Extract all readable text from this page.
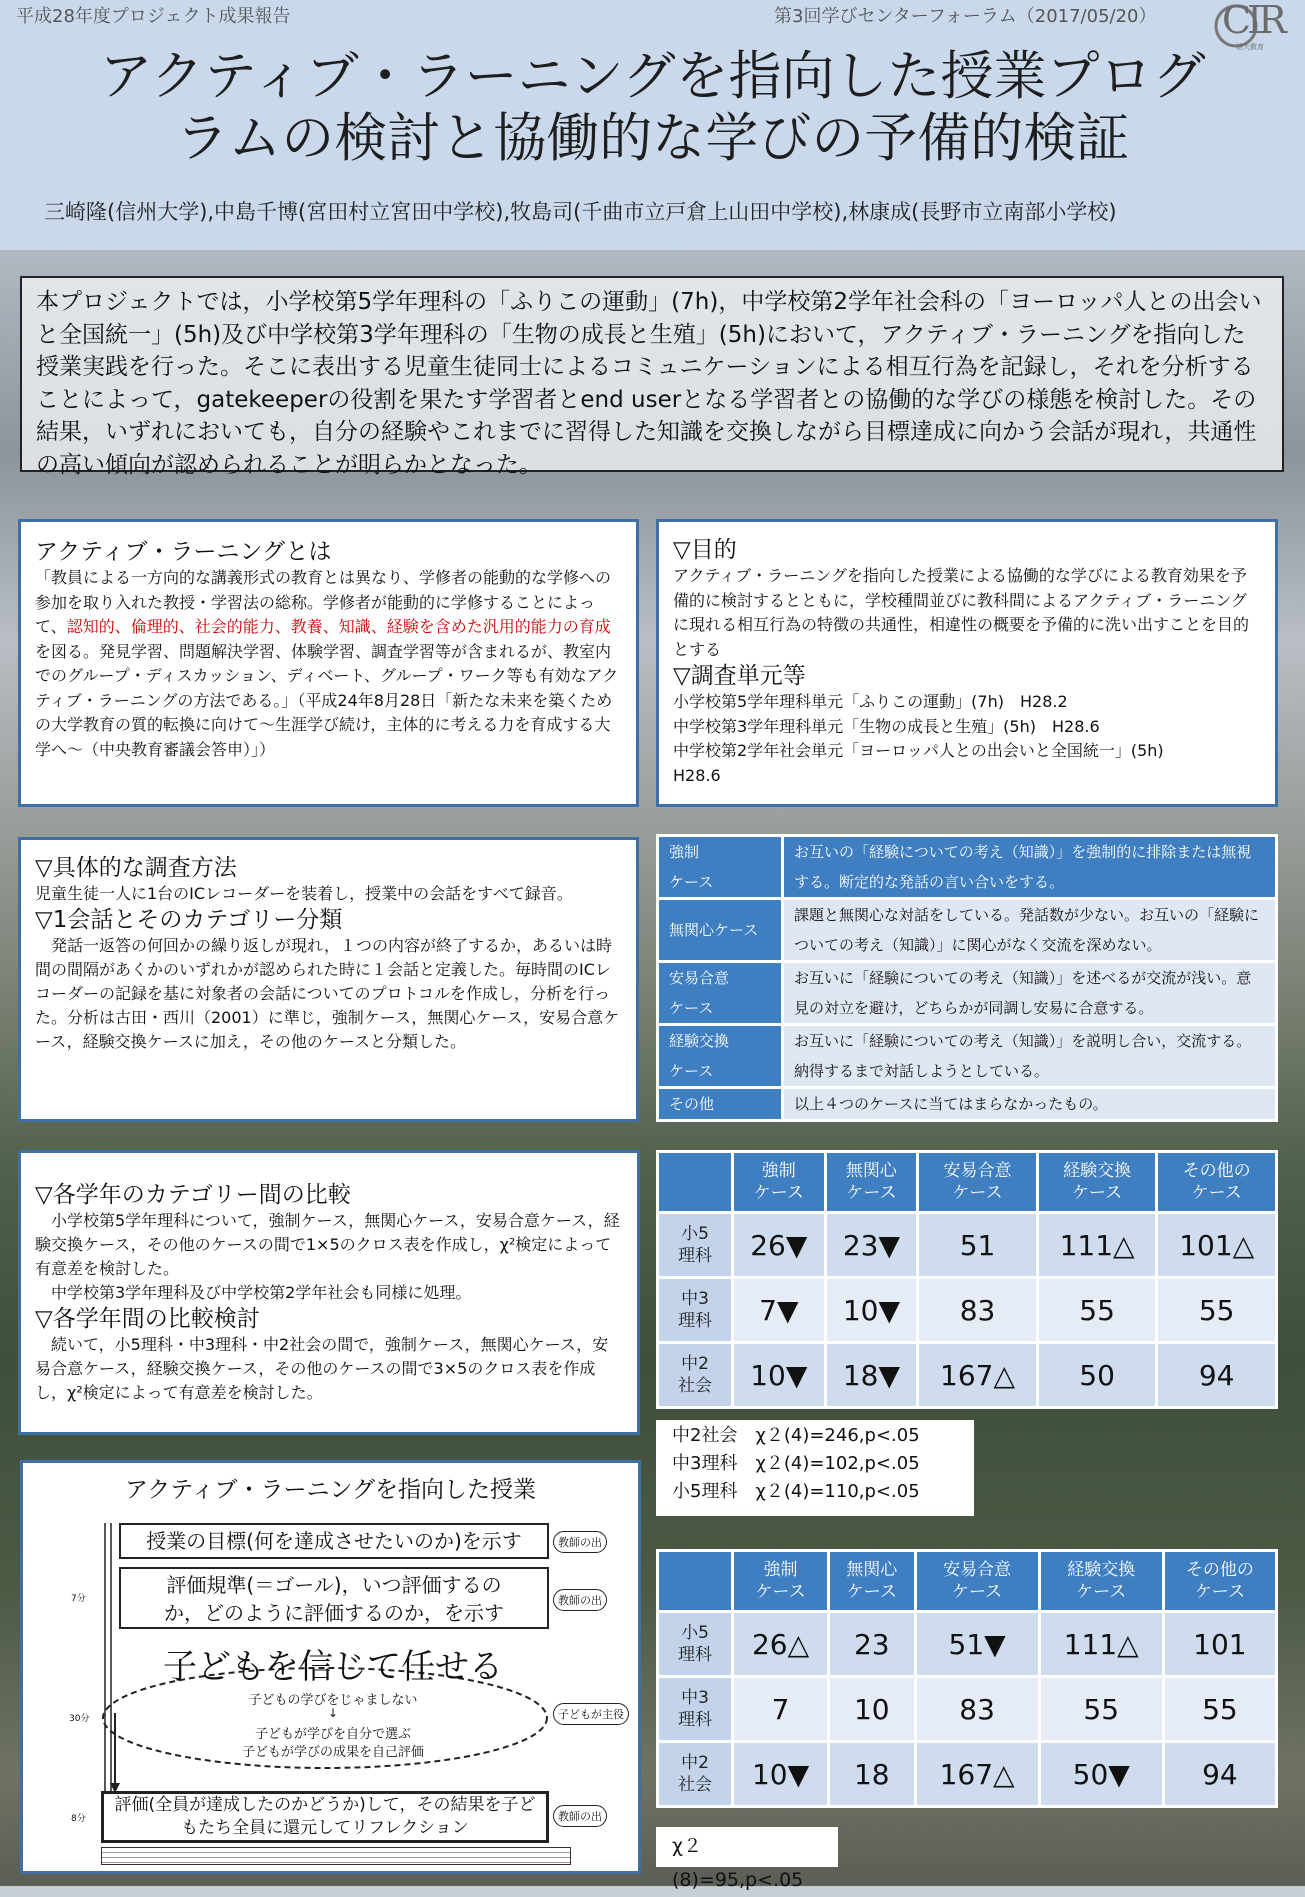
平成28年度プロジェクト成果報告	第3回学びセンターフォーラム（2017/05/20） CIR
信大教育
アクティブ・ラーニングを指向した授業プログ
ラムの検討と協働的な学びの予備的検証
三崎隆(信州大学),中島千博(宮田村立宮田中学校),牧島司(千曲市立戸倉上山田中学校),林康成(長野市立南部小学校)
本プロジェクトでは，小学校第5学年理科の「ふりこの運動」(7h)，中学校第2学年社会科の「ヨーロッパ人との出会いと全国統一」(5h)及び中学校第3学年理科の「生物の成長と生殖」(5h)において，アクティブ・ラーニングを指向した授業実践を行った。そこに表出する児童生徒同士によるコミュニケーションによる相互行為を記録し，それを分析することによって，gatekeeperの役割を果たす学習者とend userとなる学習者との協働的な学びの様態を検討した。その結果，いずれにおいても，自分の経験やこれまでに習得した知識を交換しながら目標達成に向かう会話が現れ，共通性の高い傾向が認められることが明らかとなった。

アクティブ・ラーニングとは

「教員による一方向的な講義形式の教育とは異なり、学修者の能動的な学修への参加を取り入れた教授・学習法の総称。学修者が能動的に学修することによって、認知的、倫理的、社会的能力、教養、知識、経験を含めた汎用的能力の育成を図る。発見学習、問題解決学習、体験学習、調査学習等が含まれるが、教室内でのグループ・ディスカッション、ディベート、グループ・ワーク等も有効なアクティブ・ラーニングの方法である。」（平成24年8月28日「新たな未来を築くための大学教育の質的転換に向けて～生涯学び続け，主体的に考える力を育成する大学へ～（中央教育審議会答申）」）

▽目的

アクティブ・ラーニングを指向した授業による協働的な学びによる教育効果を予備的に検討するとともに，学校種間並びに教科間によるアクティブ・ラーニングに現れる相互行為の特徴の共通性，相違性の概要を予備的に洗い出すことを目的とする

▽調査単元等

小学校第5学年理科単元「ふりこの運動」(7h)　H28.2

中学校第3学年理科単元「生物の成長と生殖」(5h)　H28.6

中学校第2学年社会単元「ヨーロッパ人との出会いと全国統一」(5h)

H28.6

▽具体的な調査方法

児童生徒一人に1台のICレコーダーを装着し，授業中の会話をすべて録音。

▽1会話とそのカテゴリー分類

　発話一返答の何回かの繰り返しが現れ，１つの内容が終了するか，あるいは時間の間隔があくかのいずれかが認められた時に１会話と定義した。毎時間のICレコーダーの記録を基に対象者の会話についてのプロトコルを作成し，分析を行った。分析は古田・西川（2001）に準じ，強制ケース，無関心ケース，安易合意ケース，経験交換ケースに加え，その他のケースと分類した。

強制
ケース	お互いの「経験についての考え（知識）」を強制的に排除または無視する。断定的な発話の言い合いをする。
無関心ケース	課題と無関心な対話をしている。発話数が少ない。お互いの「経験についての考え（知識）」に関心がなく交流を深めない。
安易合意
ケース	お互いに「経験についての考え（知識）」を述べるが交流が浅い。意見の対立を避け，どちらかが同調し安易に合意する。
経験交換
ケース	お互いに「経験についての考え（知識）」を説明し合い，交流する。納得するまで対話しようとしている。
その他	以上４つのケースに当てはまらなかったもの。

▽各学年のカテゴリー間の比較

　小学校第5学年理科について，強制ケース，無関心ケース，安易合意ケース，経験交換ケース，その他のケースの間で1×5のクロス表を作成し，χ²検定によって有意差を検討した。

　中学校第3学年理科及び中学校第2学年社会も同様に処理。

▽各学年間の比較検討

　続いて，小5理科・中3理科・中2社会の間で，強制ケース，無関心ケース，安易合意ケース，経験交換ケース，その他のケースの間で3×5のクロス表を作成し，χ²検定によって有意差を検討した。

	強制
ケース	無関心
ケース	安易合意
ケース	経験交換
ケース	その他の
ケース
小5
理科	26▼	23▼	51	111△	101△
中3
理科	7▼	10▼	83	55	55
中2
社会	10▼	18▼	167△	50	94
中2社会　χ２(4)=246,p<.05
中3理科　χ２(4)=102,p<.05
小5理科　χ２(4)=110,p<.05
	強制
ケース	無関心
ケース	安易合意
ケース	経験交換
ケース	その他の
ケース
小5
理科	26△	23	51▼	111△	101
中3
理科	7	10	83	55	55
中2
社会	10▼	18	167△	50▼	94
χ２(8)=95,p<.05
アクティブ・ラーニングを指向した授業
7分
30分
8分
授業の目標(何を達成させたいのか)を示す	教師の出
評価規準(＝ゴール)，いつ評価するの
か，どのように評価するのか，を示す
教師の出
子どもを信じて任せる
子どもの学びをじゃましない
↓
子どもが学びを自分で選ぶ
子どもが学びの成果を自己評価
子どもが主役
評価(全員が達成したのかどうか)して，その結果を子ど
もたち全員に還元してリフレクション
教師の出
